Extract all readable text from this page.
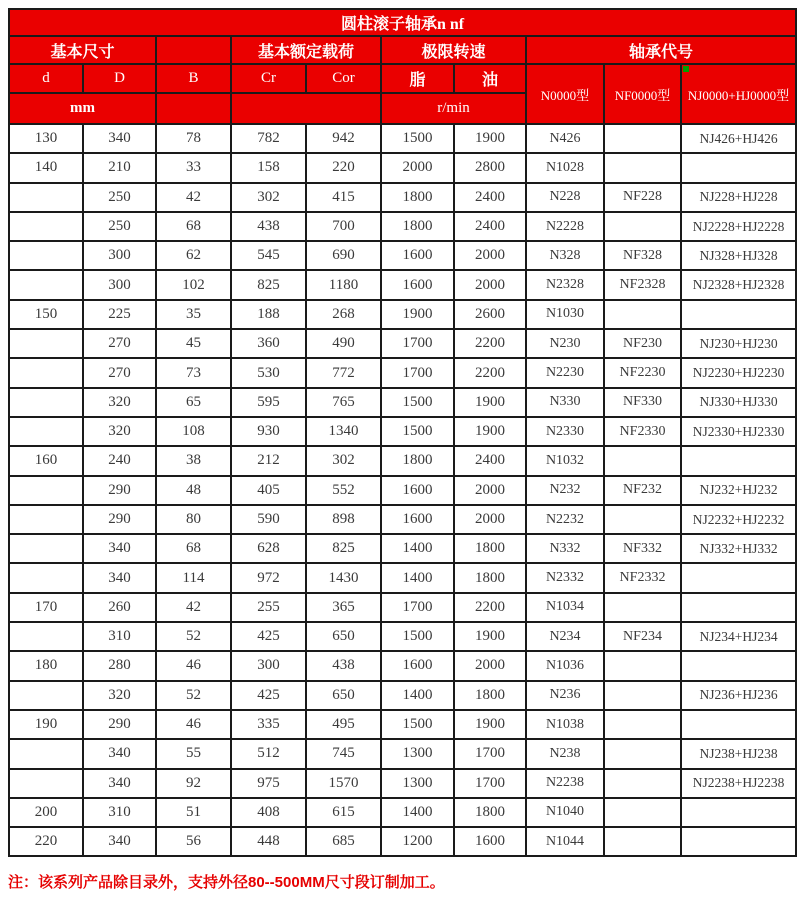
圆柱滚子轴承n nf									
基本尺寸			基本额定载荷		极限转速		轴承代号		
d	D	B	Cr	Cor	脂	油	N0000型	NF0000型	NJ0000+HJ0000型
mm					r/min				
130	340	78	782	942	1500	1900	N426		NJ426+HJ426
140	210	33	158	220	2000	2800	N1028		
	250	42	302	415	1800	2400	N228	NF228	NJ228+HJ228
	250	68	438	700	1800	2400	N2228		NJ2228+HJ2228
	300	62	545	690	1600	2000	N328	NF328	NJ328+HJ328
	300	102	825	1180	1600	2000	N2328	NF2328	NJ2328+HJ2328
150	225	35	188	268	1900	2600	N1030		
	270	45	360	490	1700	2200	N230	NF230	NJ230+HJ230
	270	73	530	772	1700	2200	N2230	NF2230	NJ2230+HJ2230
	320	65	595	765	1500	1900	N330	NF330	NJ330+HJ330
	320	108	930	1340	1500	1900	N2330	NF2330	NJ2330+HJ2330
160	240	38	212	302	1800	2400	N1032		
	290	48	405	552	1600	2000	N232	NF232	NJ232+HJ232
	290	80	590	898	1600	2000	N2232		NJ2232+HJ2232
	340	68	628	825	1400	1800	N332	NF332	NJ332+HJ332
	340	114	972	1430	1400	1800	N2332	NF2332	
170	260	42	255	365	1700	2200	N1034		
	310	52	425	650	1500	1900	N234	NF234	NJ234+HJ234
180	280	46	300	438	1600	2000	N1036		
	320	52	425	650	1400	1800	N236		NJ236+HJ236
190	290	46	335	495	1500	1900	N1038		
	340	55	512	745	1300	1700	N238		NJ238+HJ238
	340	92	975	1570	1300	1700	N2238		NJ2238+HJ2238
200	310	51	408	615	1400	1800	N1040		
220	340	56	448	685	1200	1600	N1044		
注：该系列产品除目录外，支持外径80--500MM尺寸段订制加工。
